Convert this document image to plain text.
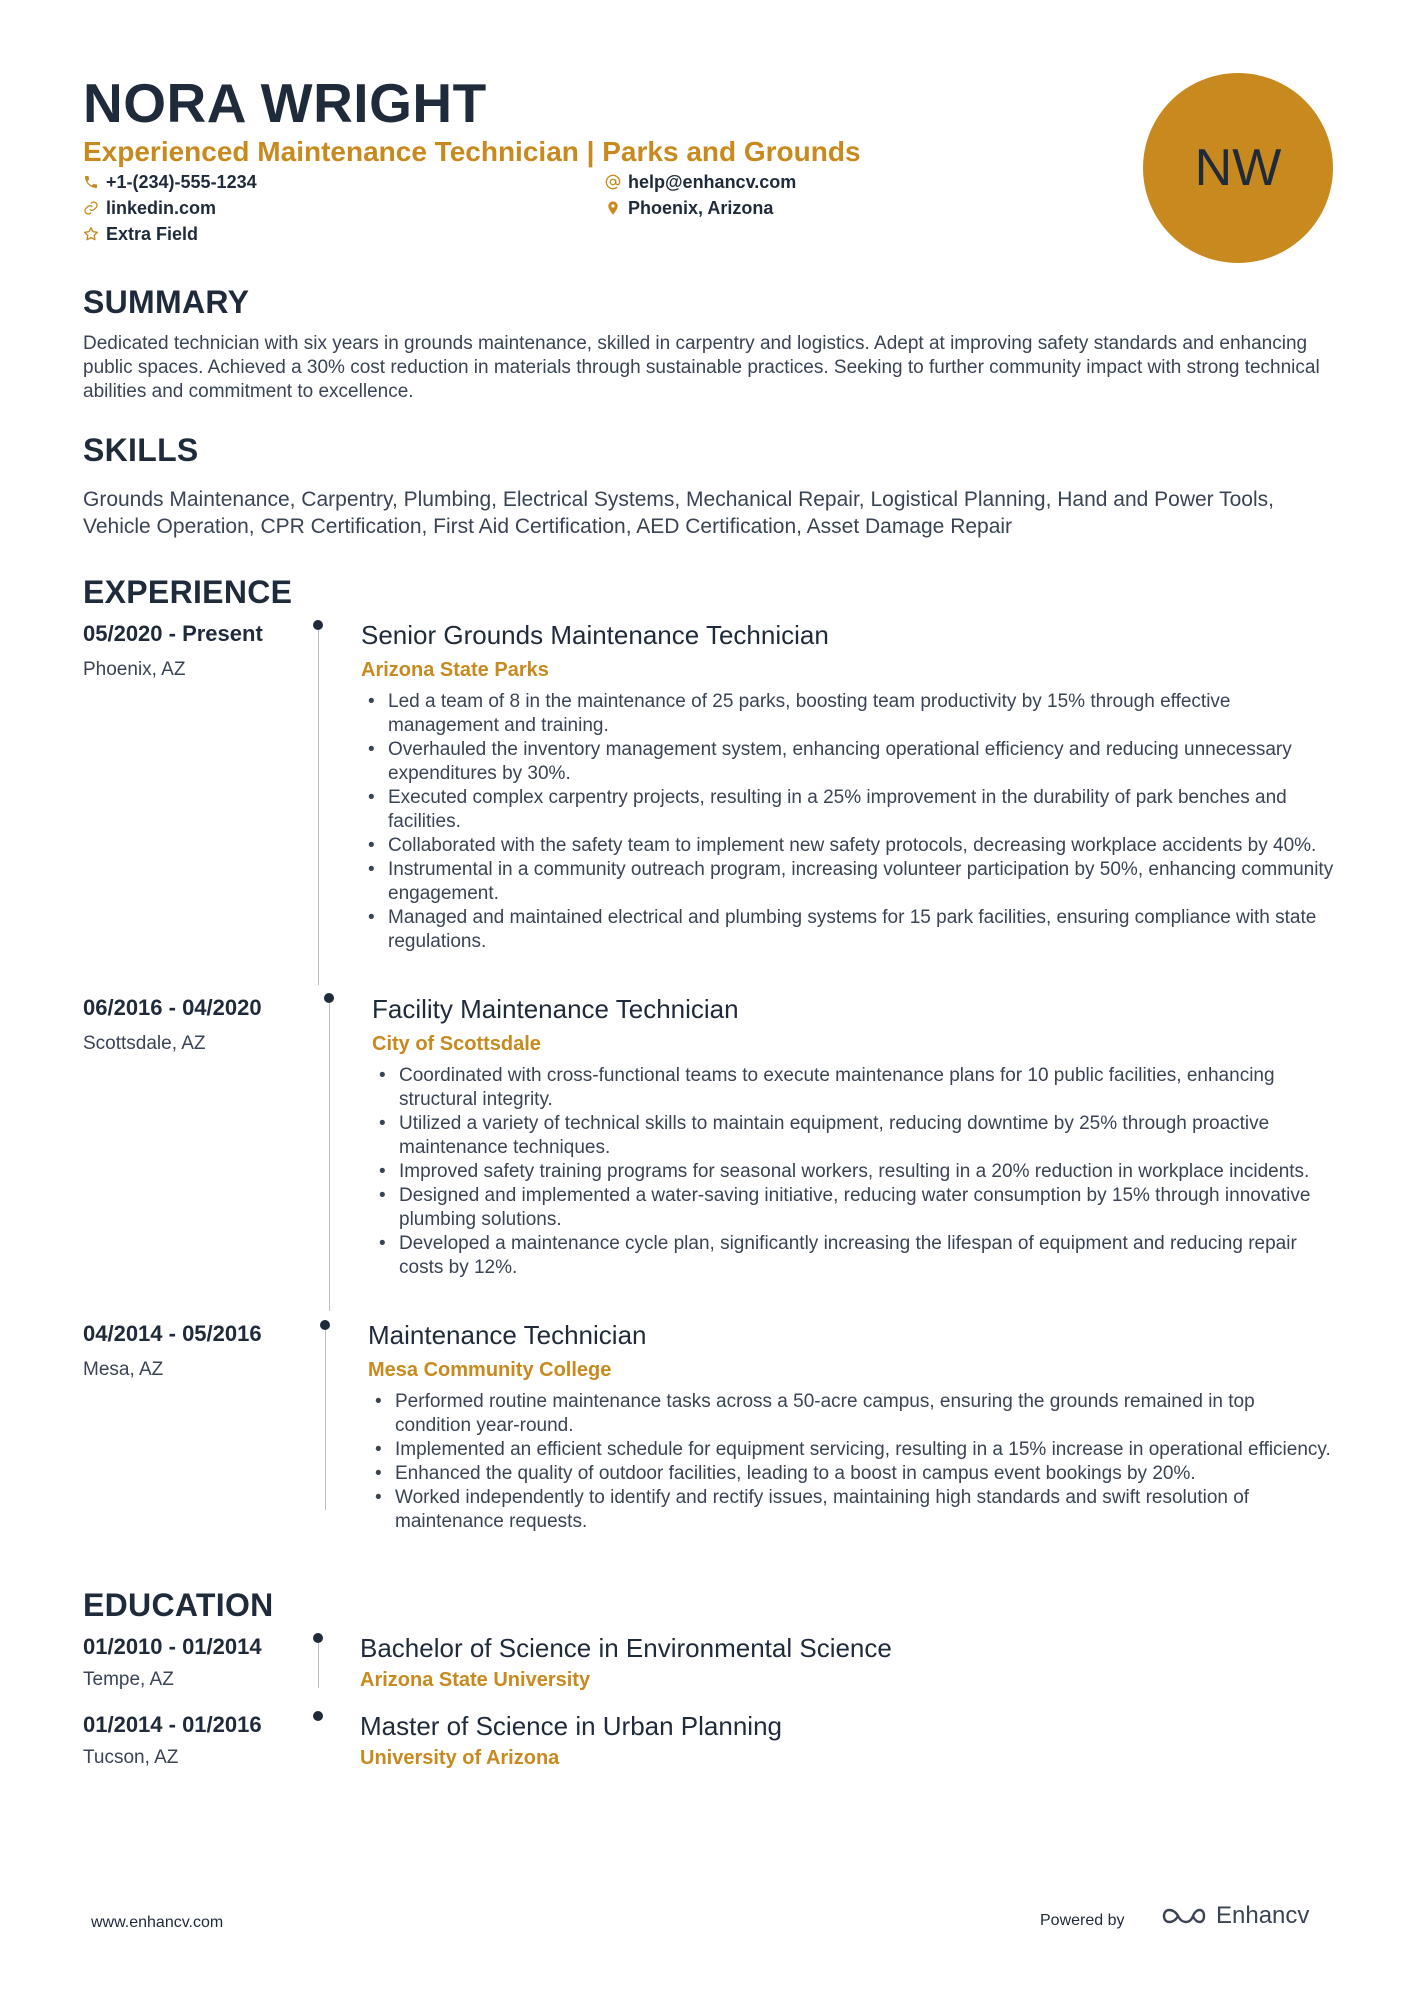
NORA WRIGHT
Experienced Maintenance Technician | Parks and Grounds
+1-(234)-555-1234	help@enhancv.com
linkedin.com	Phoenix, Arizona
Extra Field
NW
SUMMARY
Dedicated technician with six years in grounds maintenance, skilled in carpentry and logistics. Adept at improving safety standards and enhancing public spaces. Achieved a 30% cost reduction in materials through sustainable practices. Seeking to further community impact with strong technical abilities and commitment to excellence.
SKILLS
Grounds Maintenance, Carpentry, Plumbing, Electrical Systems, Mechanical Repair, Logistical Planning, Hand and Power Tools, Vehicle Operation, CPR Certification, First Aid Certification, AED Certification, Asset Damage Repair
EXPERIENCE
05/2020 - Present
Phoenix, AZ
Senior Grounds Maintenance Technician
Arizona State Parks
• Led a team of 8 in the maintenance of 25 parks, boosting team productivity by 15% through effective management and training.
• Overhauled the inventory management system, enhancing operational efficiency and reducing unnecessary expenditures by 30%.
• Executed complex carpentry projects, resulting in a 25% improvement in the durability of park benches and facilities.
• Collaborated with the safety team to implement new safety protocols, decreasing workplace accidents by 40%.
• Instrumental in a community outreach program, increasing volunteer participation by 50%, enhancing community engagement.
• Managed and maintained electrical and plumbing systems for 15 park facilities, ensuring compliance with state regulations.
06/2016 - 04/2020
Scottsdale, AZ
Facility Maintenance Technician
City of Scottsdale
• Coordinated with cross-functional teams to execute maintenance plans for 10 public facilities, enhancing structural integrity.
• Utilized a variety of technical skills to maintain equipment, reducing downtime by 25% through proactive maintenance techniques.
• Improved safety training programs for seasonal workers, resulting in a 20% reduction in workplace incidents.
• Designed and implemented a water-saving initiative, reducing water consumption by 15% through innovative plumbing solutions.
• Developed a maintenance cycle plan, significantly increasing the lifespan of equipment and reducing repair costs by 12%.
04/2014 - 05/2016
Mesa, AZ
Maintenance Technician
Mesa Community College
• Performed routine maintenance tasks across a 50-acre campus, ensuring the grounds remained in top condition year-round.
• Implemented an efficient schedule for equipment servicing, resulting in a 15% increase in operational efficiency.
• Enhanced the quality of outdoor facilities, leading to a boost in campus event bookings by 20%.
• Worked independently to identify and rectify issues, maintaining high standards and swift resolution of maintenance requests.
EDUCATION
01/2010 - 01/2014
Tempe, AZ
Bachelor of Science in Environmental Science
Arizona State University
01/2014 - 01/2016
Tucson, AZ
Master of Science in Urban Planning
University of Arizona
www.enhancv.com	Powered by	Enhancv
